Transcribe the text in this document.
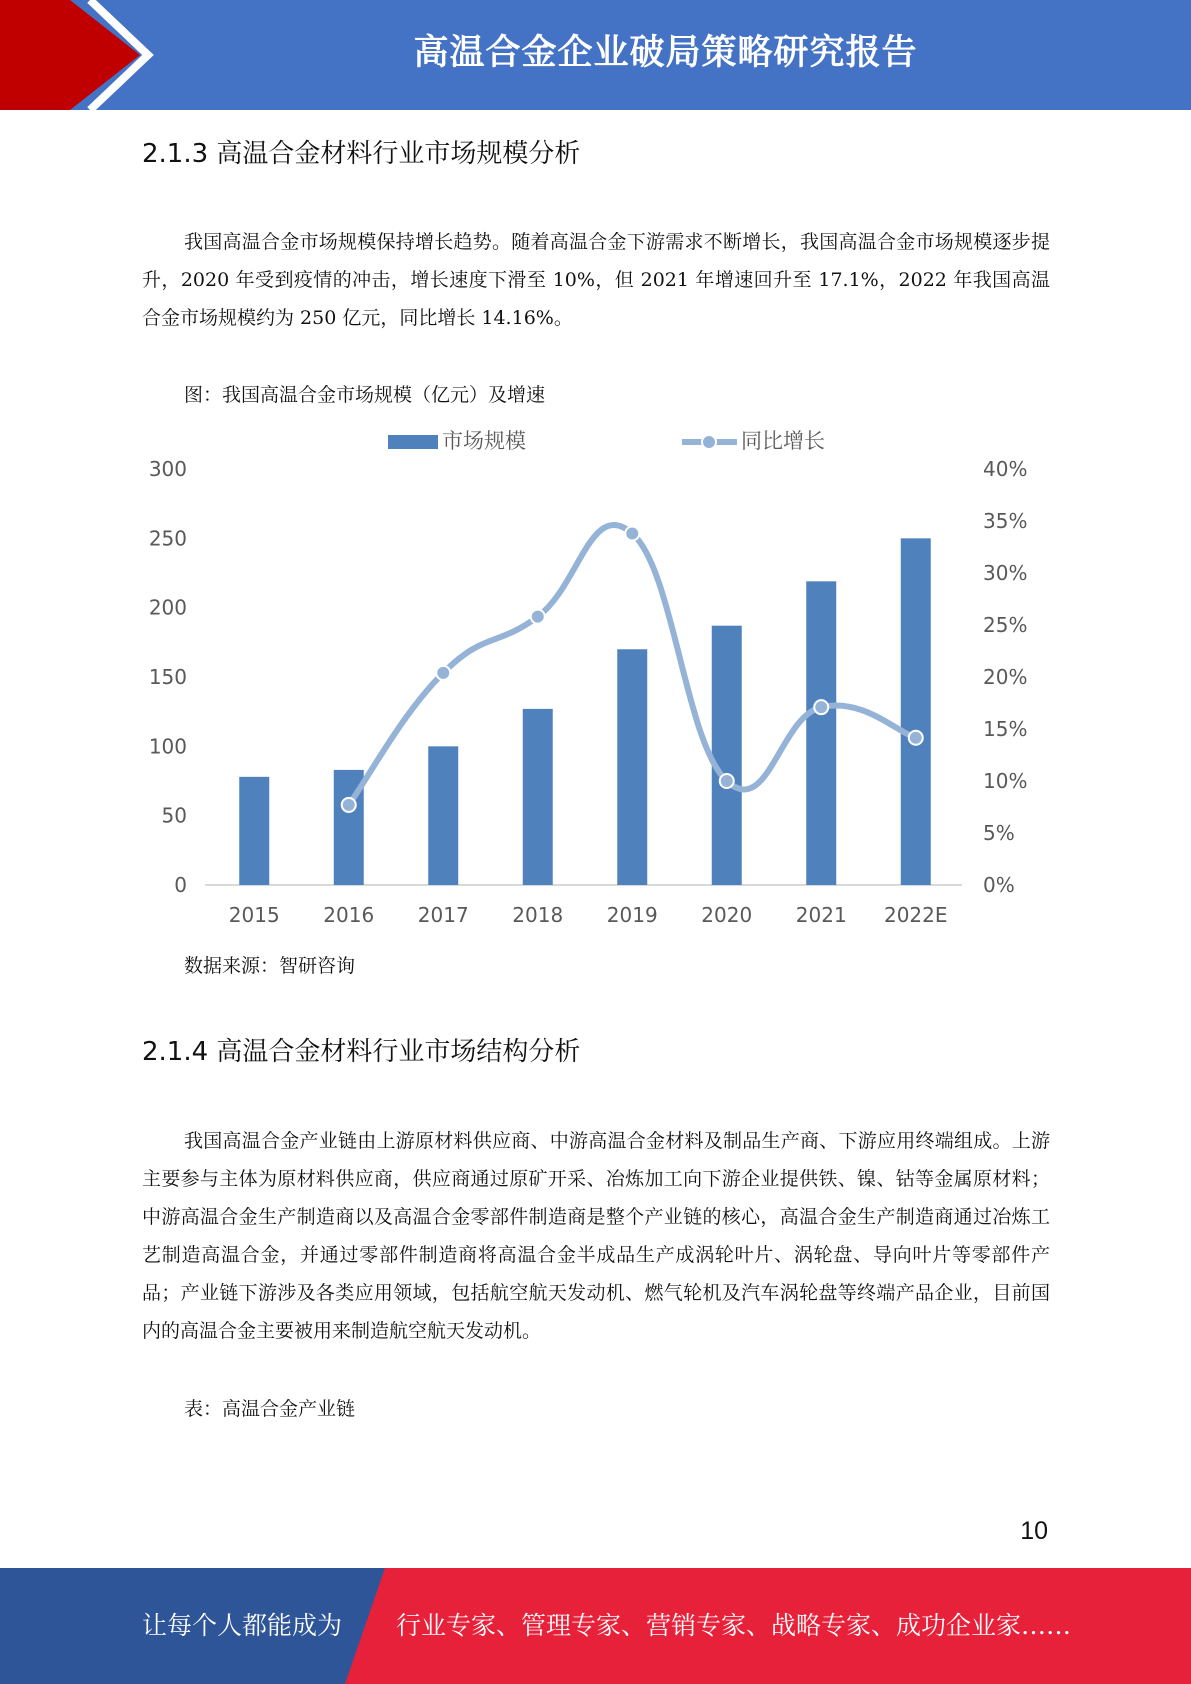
高温合金企业破局策略研究报告
2.1.3 高温合金材料行业市场规模分析
我国高温合金市场规模保持增长趋势。随着高温合金下游需求不断增长，我国高温合金市场规模逐步提升，2020 年受到疫情的冲击，增长速度下滑至 10%，但 2021 年增速回升至 17.1%，2022 年我国高温合金市场规模约为 250 亿元，同比增长 14.16%。
图：我国高温合金市场规模（亿元）及增速
市场规模	同比增长
0
50
100
150
200
250
300
0%
5%
10%
15%
20%
25%
30%
35%
40%
2015 2016 2017 2018 2019 2020 2021 2022E
数据来源：智研咨询
2.1.4 高温合金材料行业市场结构分析
我国高温合金产业链由上游原材料供应商、中游高温合金材料及制品生产商、下游应用终端组成。上游主要参与主体为原材料供应商，供应商通过原矿开采、冶炼加工向下游企业提供铁、镍、钴等金属原材料；中游高温合金生产制造商以及高温合金零部件制造商是整个产业链的核心，高温合金生产制造商通过冶炼工艺制造高温合金，并通过零部件制造商将高温合金半成品生产成涡轮叶片、涡轮盘、导向叶片等零部件产品；产业链下游涉及各类应用领域，包括航空航天发动机、燃气轮机及汽车涡轮盘等终端产品企业，目前国内的高温合金主要被用来制造航空航天发动机。
表：高温合金产业链
10
让每个人都能成为 行业专家、管理专家、营销专家、战略专家、成功企业家……
